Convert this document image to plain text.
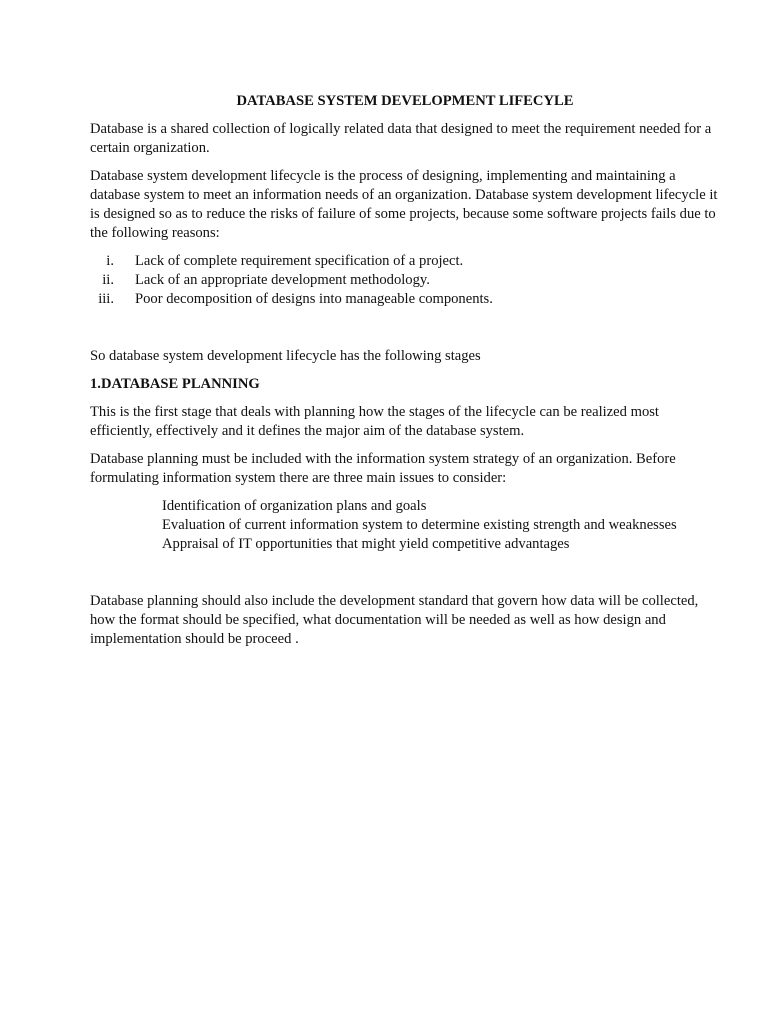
DATABASE SYSTEM DEVELOPMENT LIFECYLE

Database is a shared collection of logically related data that designed to meet the requirement needed for a certain organization.

Database system development lifecycle is the process of designing, implementing and maintaining a database system to meet an information needs of an organization. Database system development lifecycle it is designed so as to reduce the risks of failure of some projects, because some software projects fails due to the following reasons:

i. Lack of complete requirement specification of a project.
ii. Lack of an appropriate development methodology.
iii. Poor decomposition of designs into manageable components.

So database system development lifecycle has the following stages

1.DATABASE PLANNING

This is the first stage that deals with planning how the stages of the lifecycle can be realized most efficiently, effectively and it defines the major aim of the database system.

Database planning must be included with the information system strategy of an organization. Before formulating information system there are three main issues to consider:

Identification of organization plans and goals
Evaluation of current information system to determine existing strength and weaknesses
Appraisal of IT opportunities that might yield competitive advantages

Database planning should also include the development standard that govern how data will be collected, how the format should be specified, what documentation will be needed as well as how design and implementation should be proceed .
